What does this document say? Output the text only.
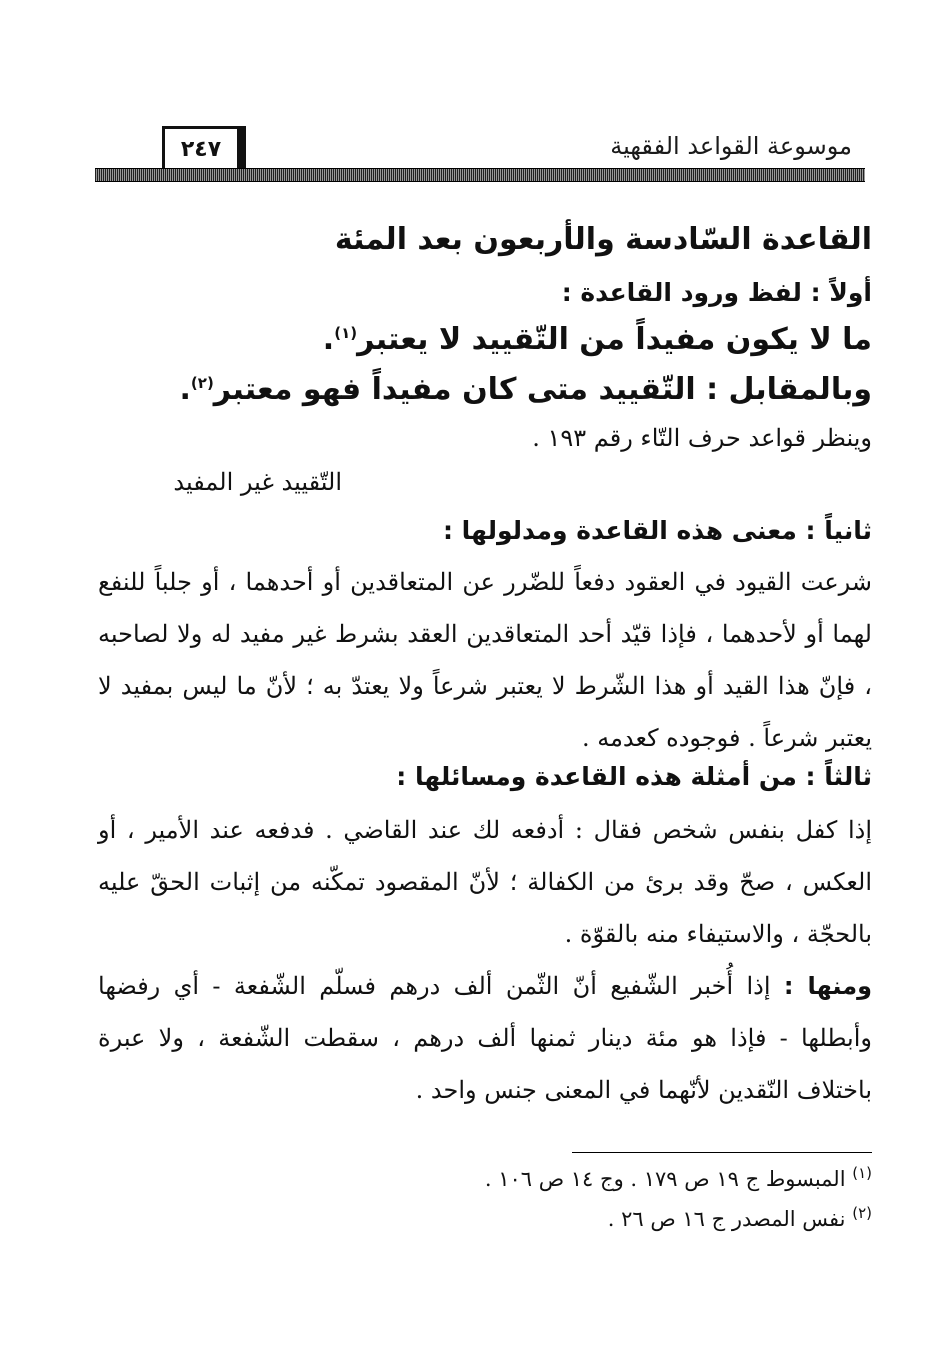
موسوعة القواعد الفقهية
٢٤٧
القاعدة السّادسة والأربعون بعد المئة
أولاً : لفظ ورود القاعدة :
ما لا يكون مفيداً من التّقييد لا يعتبر$^{(١)}$.
وبالمقابل : التّقييد متى كان مفيداً فهو معتبر$^{(٢)}$.
وينظر قواعد حرف التّاء رقم ١٩٣ .
التّقييد غير المفيد
ثانياً : معنى هذه القاعدة ومدلولها :
شرعت القيود في العقود دفعاً للضّرر عن المتعاقدين أو أحدهما ، أو جلباً للنفع لهما أو لأحدهما ، فإذا قيّد أحد المتعاقدين العقد بشرط غير مفيد له ولا لصاحبه ، فإنّ هذا القيد أو هذا الشّرط لا يعتبر شرعاً ولا يعتدّ به ؛ لأنّ ما ليس بمفيد لا يعتبر شرعاً . فوجوده كعدمه .
ثالثاً : من أمثلة هذه القاعدة ومسائلها :
إذا كفل بنفس شخص فقال : أدفعه لك عند القاضي . فدفعه عند الأمير ، أو العكس ، صحّ وقد برئ من الكفالة ؛ لأنّ المقصود تمكّنه من إثبات الحقّ عليه بالحجّة ، والاستيفاء منه بالقوّة .
ومنها : إذا أُخبر الشّفيع أنّ الثّمن ألف درهم فسلّم الشّفعة - أي رفضها وأبطلها - فإذا هو مئة دينار ثمنها ألف درهم ، سقطت الشّفعة ، ولا عبرة باختلاف النّقدين لأنّهما في المعنى جنس واحد .
$^{(١)}$ المبسوط ج ١٩ ص ١٧٩ . وج ١٤ ص ١٠٦ .
$^{(٢)}$ نفس المصدر ج ١٦ ص ٢٦ .
